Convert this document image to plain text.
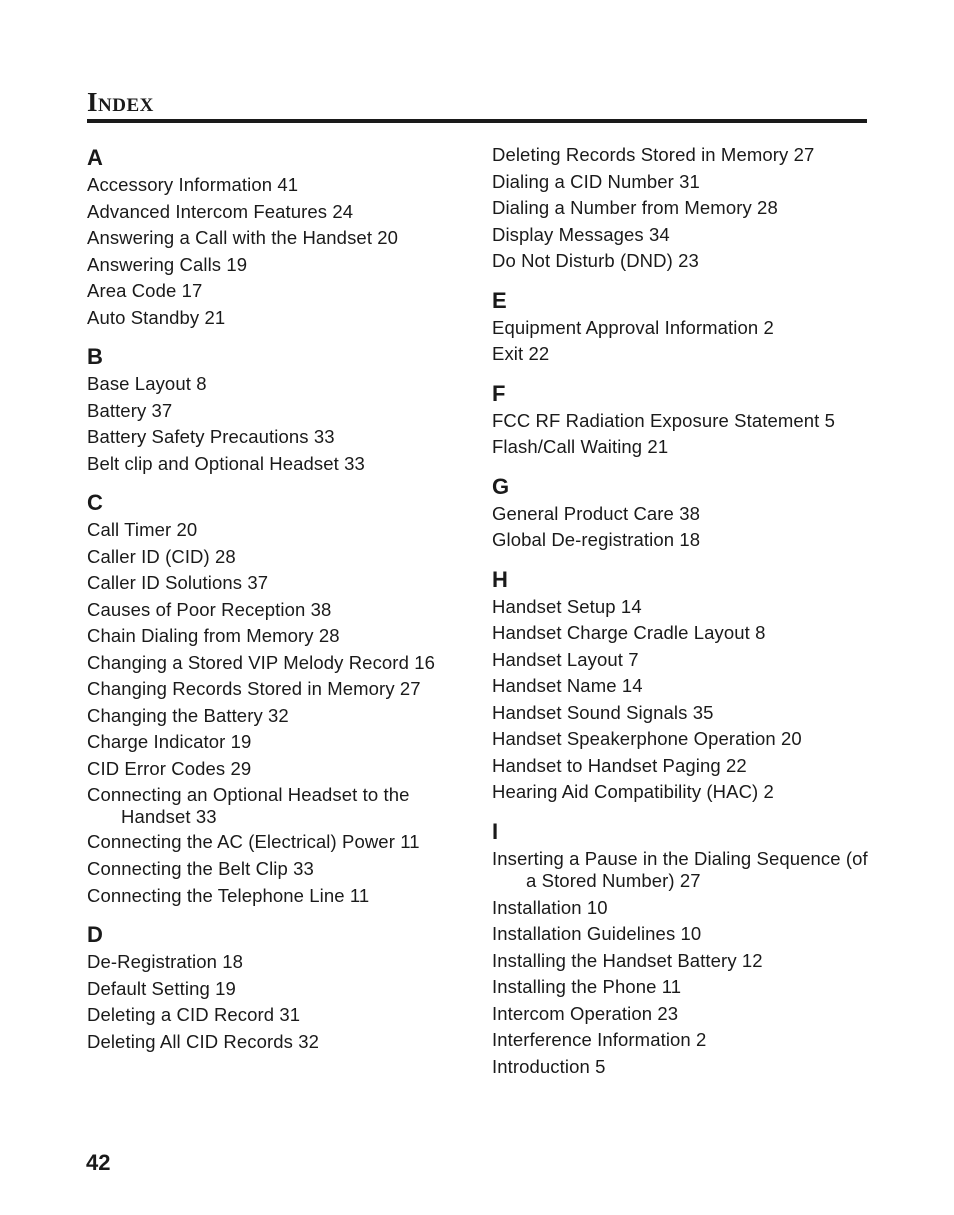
Index
A
Accessory Information 41
Advanced Intercom Features 24
Answering a Call with the Handset 20
Answering Calls 19
Area Code 17
Auto Standby 21
B
Base Layout 8
Battery 37
Battery Safety Precautions 33
Belt clip and Optional Headset 33
C
Call Timer 20
Caller ID (CID) 28
Caller ID Solutions 37
Causes of Poor Reception 38
Chain Dialing from Memory 28
Changing a Stored VIP Melody Record 16
Changing Records Stored in Memory 27
Changing the Battery 32
Charge Indicator 19
CID Error Codes 29
Connecting an Optional Headset to the Handset 33
Connecting the AC (Electrical) Power 11
Connecting the Belt Clip 33
Connecting the Telephone Line 11
D
De-Registration 18
Default Setting 19
Deleting a CID Record 31
Deleting All CID Records 32
Deleting Records Stored in Memory 27
Dialing a CID Number 31
Dialing a Number from Memory 28
Display Messages 34
Do Not Disturb (DND) 23
E
Equipment Approval Information 2
Exit 22
F
FCC RF Radiation Exposure Statement 5
Flash/Call Waiting 21
G
General Product Care 38
Global De-registration 18
H
Handset Setup 14
Handset Charge Cradle Layout 8
Handset Layout 7
Handset Name 14
Handset Sound Signals 35
Handset Speakerphone Operation 20
Handset to Handset Paging 22
Hearing Aid Compatibility (HAC) 2
I
Inserting a Pause in the Dialing Sequence (of a Stored Number) 27
Installation 10
Installation Guidelines 10
Installing the Handset Battery 12
Installing the Phone 11
Intercom Operation 23
Interference Information 2
Introduction 5
42
